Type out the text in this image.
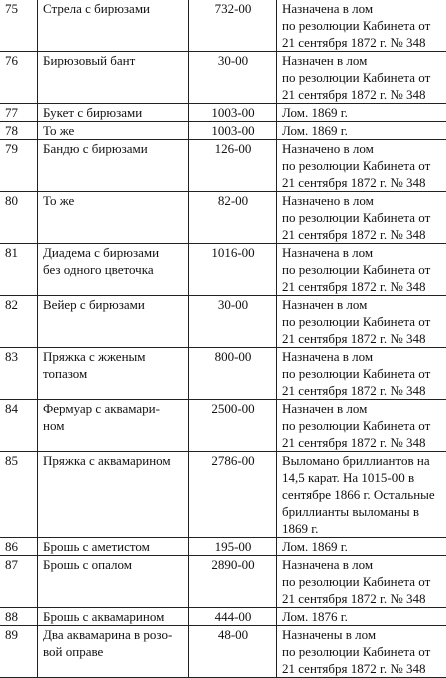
75	Стрела с бирюзами	732-00	Назначена в лом
по резолюции Кабинета от 21 сентября 1872 г. № 348
76	Бирюзовый бант	30-00	Назначен в лом
по резолюции Кабинета от 21 сентября 1872 г. № 348
77	Букет с бирюзами	1003-00	Лом. 1869 г.
78	То же	1003-00	Лом. 1869 г.
79	Бандю с бирюзами	126-00	Назначено в лом
по резолюции Кабинета от 21 сентября 1872 г. № 348
80	То же	82-00	Назначено в лом
по резолюции Кабинета от 21 сентября 1872 г. № 348
81	Диадема с бирюзами
без одного цветочка	1016-00	Назначена в лом
по резолюции Кабинета от 21 сентября 1872 г. № 348
82	Вейер с бирюзами	30-00	Назначен в лом
по резолюции Кабинета от 21 сентября 1872 г. № 348
83	Пряжка с жженым
топазом	800-00	Назначена в лом
по резолюции Кабинета от 21 сентября 1872 г. № 348
84	Фермуар с аквамари-
ном	2500-00	Назначен в лом
по резолюции Кабинета от 21 сентября 1872 г. № 348
85	Пряжка с аквамарином	2786-00	Выломано бриллиантов на 14,5 карат. На 1015-00 в сентябре 1866 г. Остальные бриллианты выломаны в 1869 г.
86	Брошь с аметистом	195-00	Лом. 1869 г.
87	Брошь с опалом	2890-00	Назначена в лом
по резолюции Кабинета от 21 сентября 1872 г. № 348
88	Брошь с аквамарином	444-00	Лом. 1876 г.
89	Два аквамарина в розо-
вой оправе	48-00	Назначены в лом
по резолюции Кабинета от 21 сентября 1872 г. № 348
